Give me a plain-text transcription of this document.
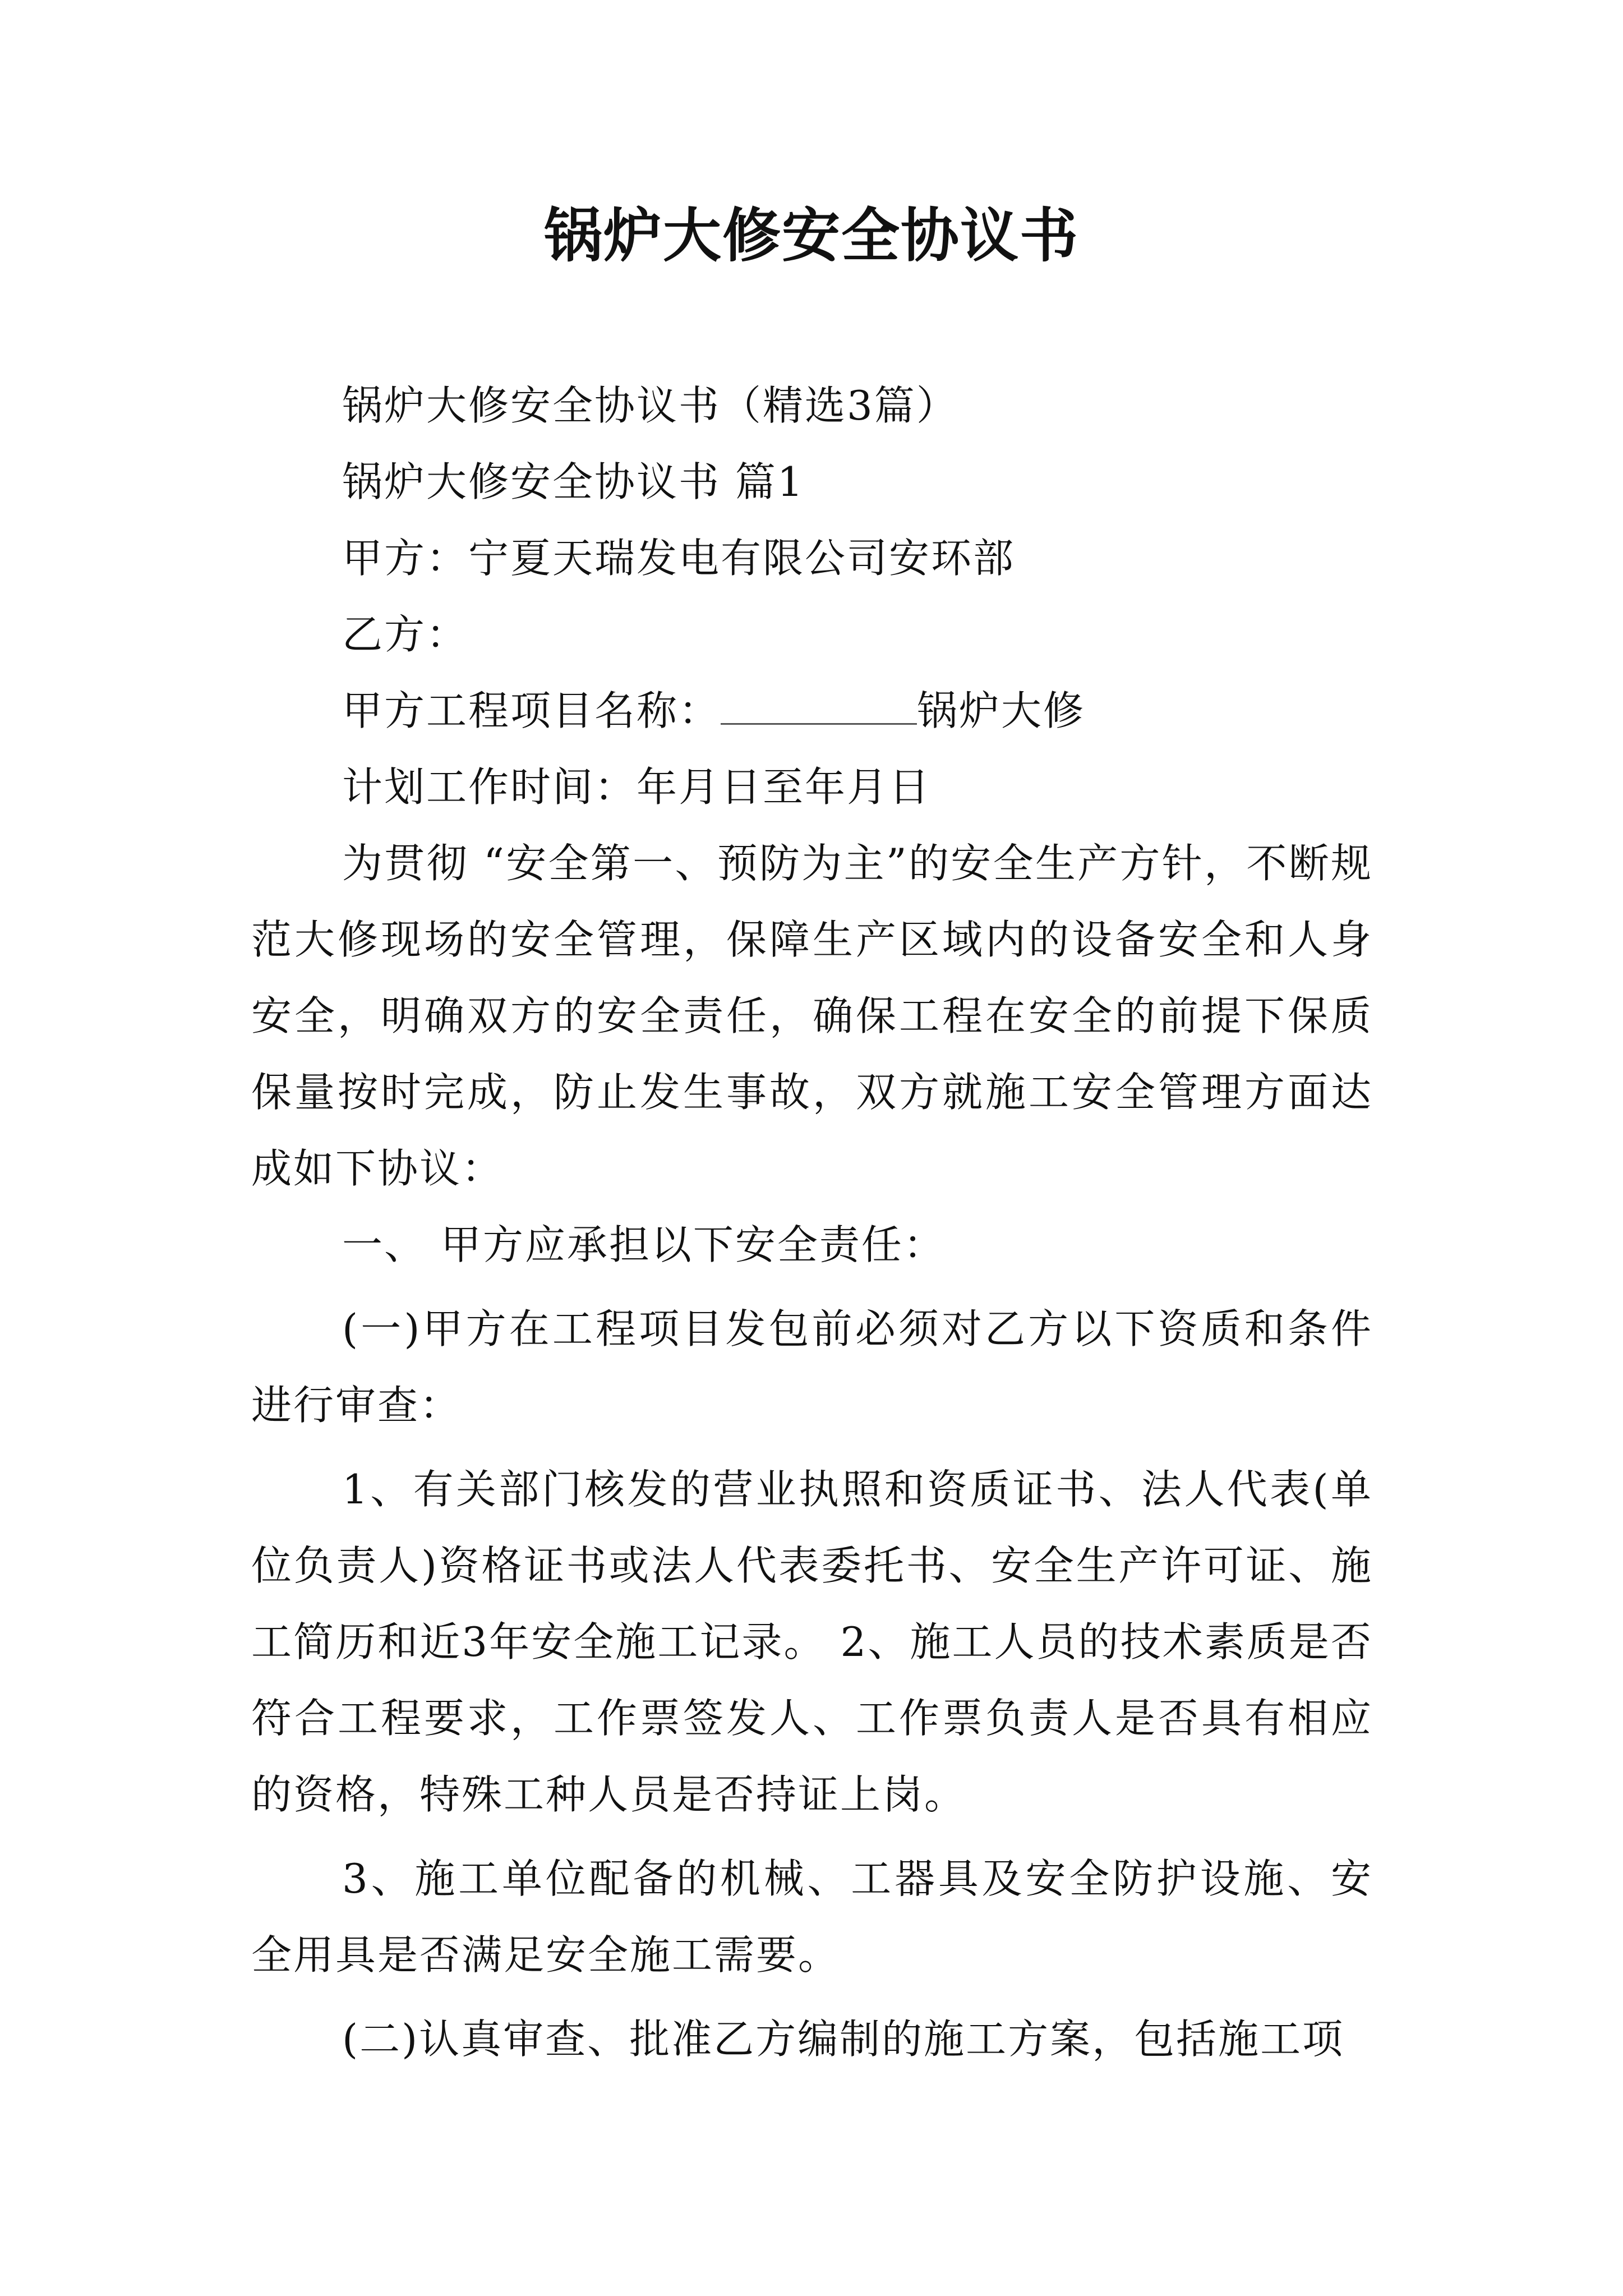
锅炉大修安全协议书

锅炉大修安全协议书（精选3篇）

锅炉大修安全协议书 篇1

甲方：宁夏天瑞发电有限公司安环部

乙方：

甲方工程项目名称：	锅炉大修

计划工作时间：年月日至年月日

为贯彻 “安全第一、预防为主”的安全生产方针，不断规范大修现场的安全管理，保障生产区域内的设备安全和人身安全，明确双方的安全责任，确保工程在安全的前提下保质保量按时完成，防止发生事故，双方就施工安全管理方面达成如下协议：

一、 甲方应承担以下安全责任：

(一)甲方在工程项目发包前必须对乙方以下资质和条件进行审查：

1、有关部门核发的营业执照和资质证书、法人代表(单位负责人)资格证书或法人代表委托书、安全生产许可证、施工简历和近3年安全施工记录。 2、施工人员的技术素质是否符合工程要求，工作票签发人、工作票负责人是否具有相应的资格，特殊工种人员是否持证上岗。

3、施工单位配备的机械、工器具及安全防护设施、安全用具是否满足安全施工需要。

(二)认真审查、批准乙方编制的施工方案，包括施工项
